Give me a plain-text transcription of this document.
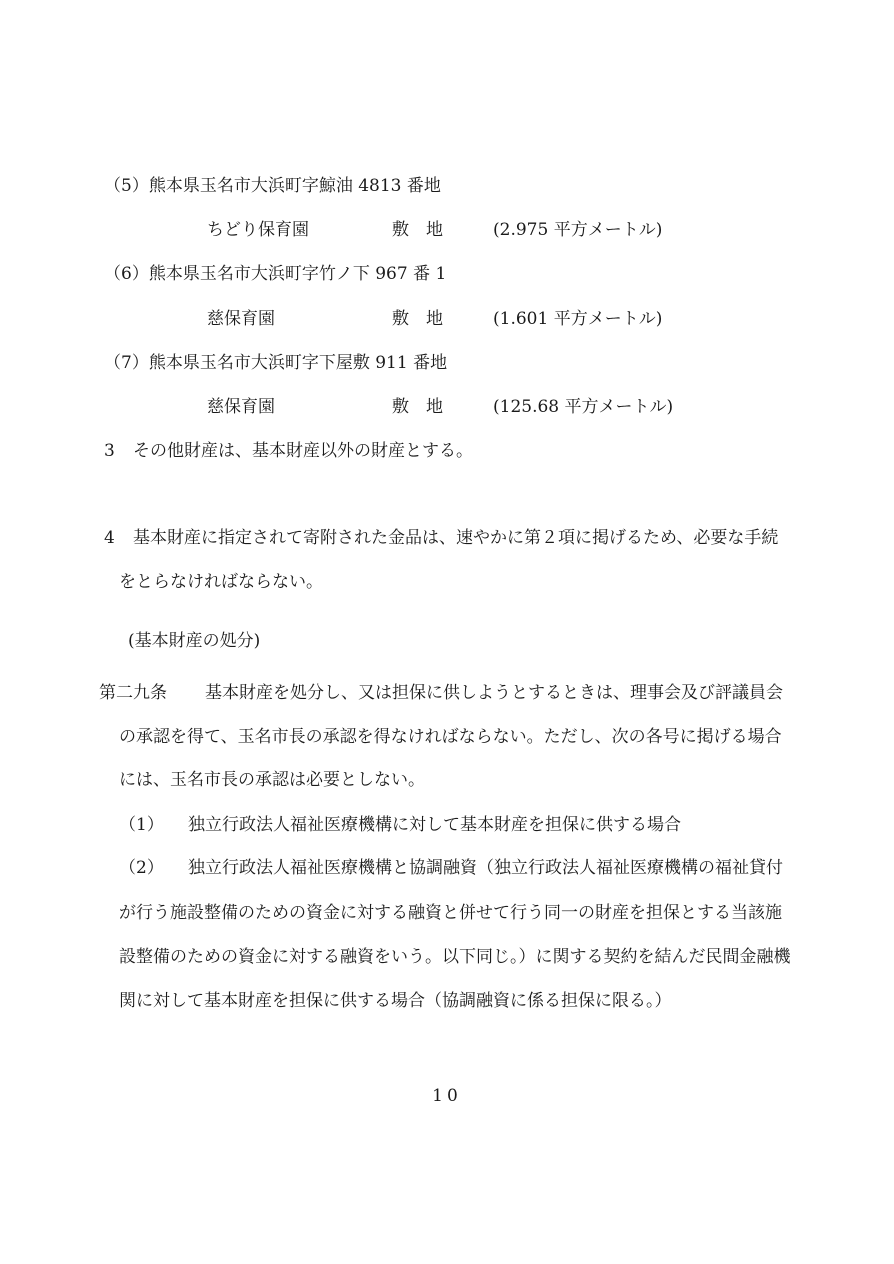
（5）熊本県玉名市大浜町字鯨油 4813 番地
ちどり保育園	敷　地	(2.975 平方メートル)
（6）熊本県玉名市大浜町字竹ノ下 967 番 1
慈保育園	敷　地	(1.601 平方メートル)
（7）熊本県玉名市大浜町字下屋敷 911 番地
慈保育園	敷　地	(125.68 平方メートル)
3 その他財産は、基本財産以外の財産とする。
4 基本財産に指定されて寄附された金品は、速やかに第２項に掲げるため、必要な手続
をとらなければならない。
(基本財産の処分)
第二九条 基本財産を処分し、又は担保に供しようとするときは、理事会及び評議員会
の承認を得て、玉名市長の承認を得なければならない。ただし、次の各号に掲げる場合
には、玉名市長の承認は必要としない。
（1） 独立行政法人福祉医療機構に対して基本財産を担保に供する場合
（2） 独立行政法人福祉医療機構と協調融資（独立行政法人福祉医療機構の福祉貸付
が行う施設整備のための資金に対する融資と併せて行う同一の財産を担保とする当該施
設整備のための資金に対する融資をいう。以下同じ。）に関する契約を結んだ民間金融機
関に対して基本財産を担保に供する場合（協調融資に係る担保に限る。）
10
